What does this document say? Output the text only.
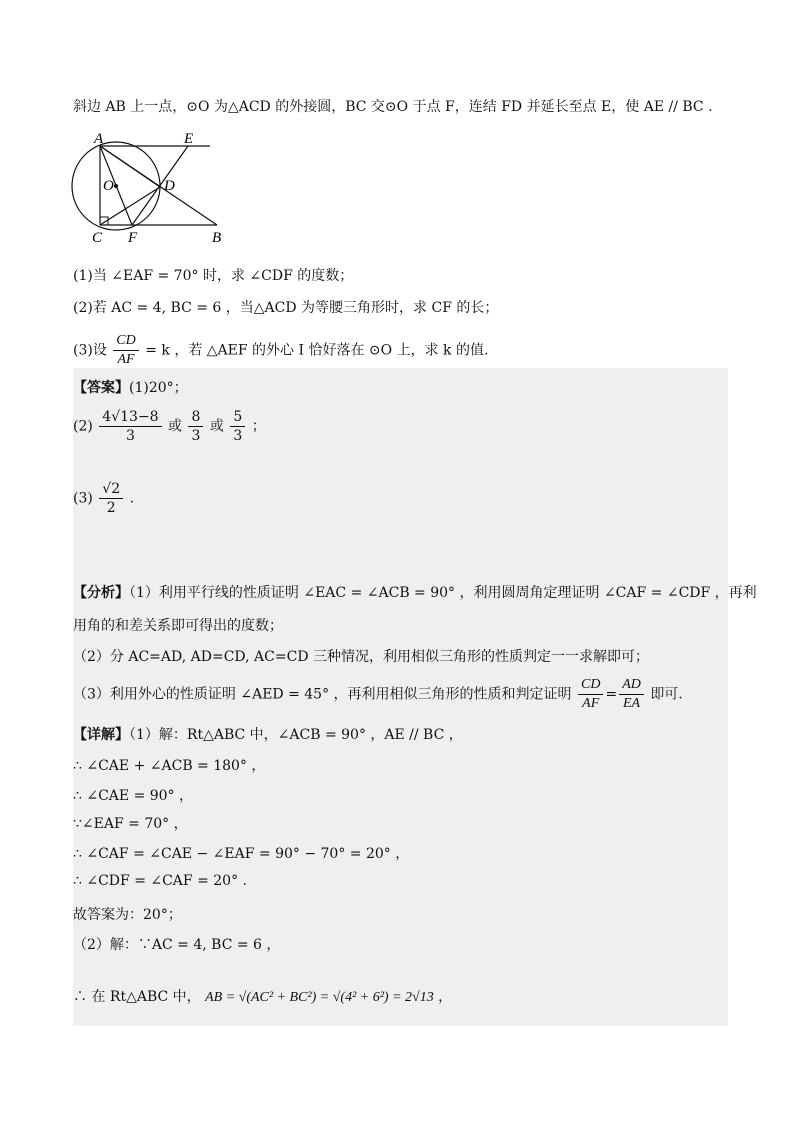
斜边 AB 上一点，⊙O 为△ACD 的外接圆，BC 交⊙O 于点 F，连结 FD 并延长至点 E，使 AE // BC .
A	E
O	D
C F	B
(1)当 ∠EAF = 70° 时，求 ∠CDF 的度数；
(2)若 AC = 4, BC = 6 ，当△ACD 为等腰三角形时，求 CF 的长；
(3)设 $\frac{CD}{AF} = k$ ，若 △AEF 的外心 I 恰好落在 ⊙O 上，求 k 的值.
【答案】(1)20°；
$(2) \frac{4√13-8}{3}$ 或 $\frac{8}{3}$ 或 $\frac{5}{3}$ ；
$(3) \frac{√2}{2}$ .
【分析】（1）利用平行线的性质证明 ∠EAC = ∠ACB = 90° ，利用圆周角定理证明 ∠CAF = ∠CDF ，再利
用角的和差关系即可得出的度数；
（2）分 AC=AD, AD=CD, AC=CD 三种情况，利用相似三角形的性质判定一一求解即可；
（3）利用外心的性质证明 ∠AED = 45° ，再利用相似三角形的性质和判定证明 $\frac{CD}{AF} = \frac{AD}{EA}$ 即可.
【详解】（1）解：Rt△ABC 中，∠ACB = 90° ，AE // BC ，
∴ ∠CAE + ∠ACB = 180° ，
∴ ∠CAE = 90° ，
∵∠EAF = 70° ，
∴ ∠CAF = ∠CAE − ∠EAF = 90° − 70° = 20° ，
∴ ∠CDF = ∠CAF = 20° .
故答案为：20°；
（2）解：∵AC = 4, BC = 6 ，
∴ 在 Rt△ABC 中， AB = √(AC² + BC²) = √(4² + 6²) = 2√13 ，
